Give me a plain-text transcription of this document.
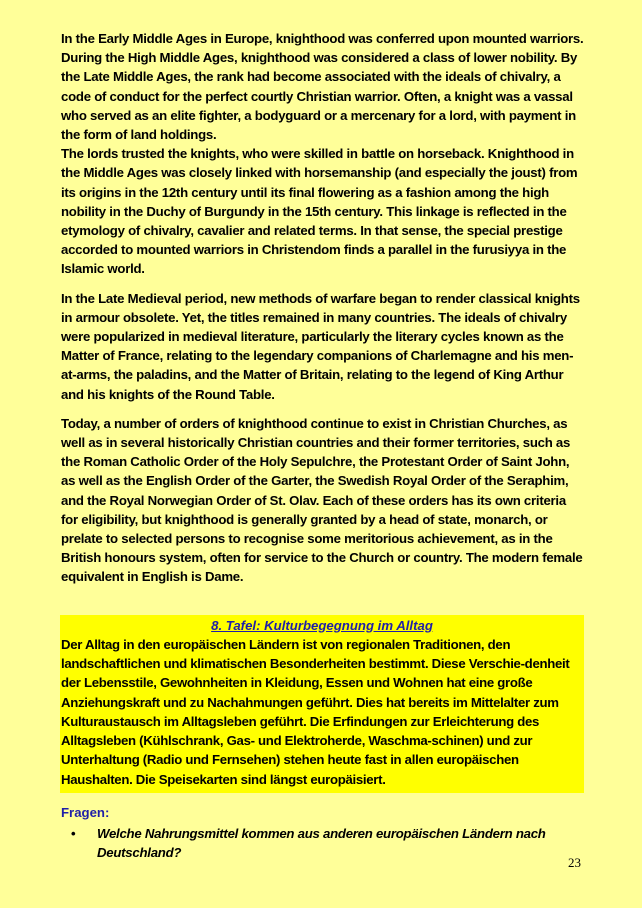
In the Early Middle Ages in Europe, knighthood was conferred upon mounted warriors. During the High Middle Ages, knighthood was considered a class of lower nobility. By the Late Middle Ages, the rank had become associated with the ideals of chivalry, a code of conduct for the perfect courtly Christian warrior. Often, a knight was a vassal who served as an elite fighter, a bodyguard or a mercenary for a lord, with payment in the form of land holdings.

The lords trusted the knights, who were skilled in battle on horseback. Knighthood in the Middle Ages was closely linked with horsemanship (and especially the joust) from its origins in the 12th century until its final flowering as a fashion among the high nobility in the Duchy of Burgundy in the 15th century. This linkage is reflected in the etymology of chivalry, cavalier and related terms. In that sense, the special prestige accorded to mounted warriors in Christendom finds a parallel in the furusiyya in the Islamic world.

In the Late Medieval period, new methods of warfare began to render classical knights in armour obsolete. Yet, the titles remained in many countries. The ideals of chivalry were popularized in medieval literature, particularly the literary cycles known as the Matter of France, relating to the legendary companions of Charlemagne and his men-at-arms, the paladins, and the Matter of Britain, relating to the legend of King Arthur and his knights of the Round Table.

Today, a number of orders of knighthood continue to exist in Christian Churches, as well as in several historically Christian countries and their former territories, such as the Roman Catholic Order of the Holy Sepulchre, the Protestant Order of Saint John, as well as the English Order of the Garter, the Swedish Royal Order of the Seraphim, and the Royal Norwegian Order of St. Olav. Each of these orders has its own criteria for eligibility, but knighthood is generally granted by a head of state, monarch, or prelate to selected persons to recognise some meritorious achievement, as in the British honours system, often for service to the Church or country. The modern female equivalent in English is Dame.

8. Tafel: Kulturbegegnung im Alltag

Der Alltag in den europäischen Ländern ist von regionalen Traditionen, den landschaftlichen und klimatischen Besonderheiten bestimmt. Diese Verschie-denheit der Lebensstile, Gewohnheiten in Kleidung, Essen und Wohnen hat eine große Anziehungskraft und zu Nachahmungen geführt. Dies hat bereits im Mittelalter zum Kulturaustausch im Alltagsleben geführt. Die Erfindungen zur Erleichterung des Alltagsleben (Kühlschrank, Gas- und Elektroherde, Waschma-schinen) und zur Unterhaltung (Radio und Fernsehen) stehen heute fast in allen europäischen Haushalten. Die Speisekarten sind längst europäisiert.

Fragen:
• Welche Nahrungsmittel kommen aus anderen europäischen Ländern nach Deutschland?
23
